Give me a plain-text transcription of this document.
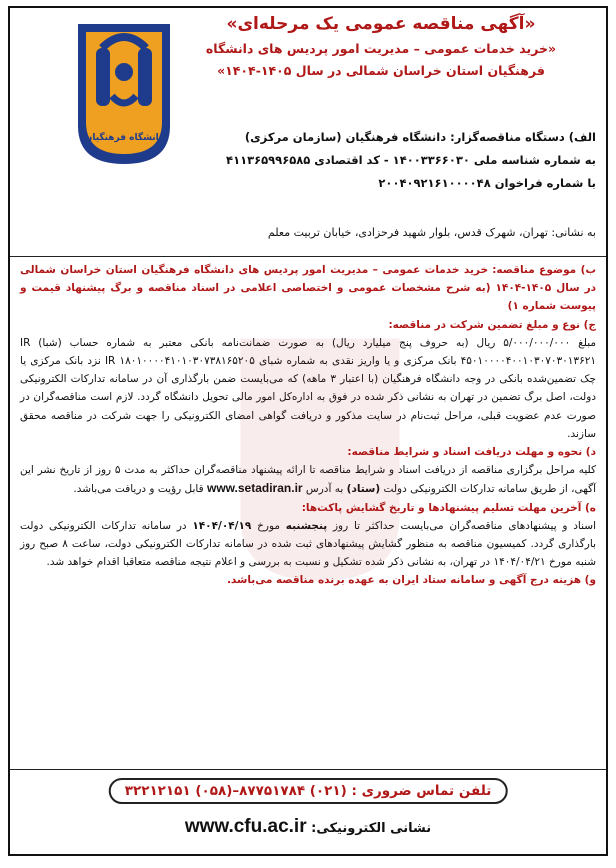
دانشگاه فرهنگیان
«آگهی مناقصه عمومی یک مرحله‌ای»
«خرید خدمات عمومی – مدیریت امور پردیس های دانشگاه
فرهنگیان استان خراسان شمالی در سال ۱۴۰۵-۱۴۰۴»
الف) دستگاه مناقصه‌گزار: دانشگاه فرهنگیان (سازمان مرکزی)
به شماره شناسه ملی ۱۴۰۰۳۳۶۶۰۳۰ - کد اقتصادی ۴۱۱۳۶۵۹۹۶۵۸۵
با شماره فراخوان ۲۰۰۴۰۹۲۱۶۱۰۰۰۰۴۸
به نشانی: تهران، شهرک قدس، بلوار شهید فرحزادی، خیابان تربیت معلم

ب) موضوع مناقصه: خرید خدمات عمومی – مدیریت امور پردیس های دانشگاه فرهنگیان استان خراسان شمالی در سال ۱۴۰۵-۱۴۰۴ (به شرح مشخصات عمومی و اختصاصی اعلامی در اسناد مناقصه و برگ پیشنهاد قیمت و پیوست شماره ۱)

ج) نوع و مبلغ تضمین شرکت در مناقصه:

مبلغ ۵/۰۰۰/۰۰۰/۰۰۰ ریال (به حروف پنج میلیارد ریال) به صورت ضمانت‌نامه بانکی معتبر به شماره حساب (شبا) IR ۴۵۰۱۰۰۰۰۴۰۰۱۰۳۰۷۰۳۰۱۳۶۲۱ بانک مرکزی و یا واریز نقدی به شماره شبای IR ۱۸۰۱۰۰۰۰۴۱۰۱۰۳۰۷۳۸۱۶۵۲۰۵ نزد بانک مرکزی یا چک تضمین‌شده بانکی در وجه دانشگاه فرهنگیان (با اعتبار ۳ ماهه) که می‌بایست ضمن بارگذاری آن در سامانه تدارکات الکترونیکی دولت، اصل برگ تضمین در تهران به نشانی ذکر شده در فوق به اداره‌کل امور مالی تحویل دانشگاه گردد. لازم است مناقصه‌گران در صورت عدم عضویت قبلی، مراحل ثبت‌نام در سایت مذکور و دریافت گواهی امضای الکترونیکی را جهت شرکت در مناقصه محقق سازند.

د) نحوه و مهلت دریافت اسناد و شرایط مناقصه:

کلیه مراحل برگزاری مناقصه از دریافت اسناد و شرایط مناقصه تا ارائه پیشنهاد مناقصه‌گران حداکثر به مدت ۵ روز از تاریخ نشر این آگهی، از طریق سامانه تدارکات الکترونیکی دولت (ستاد) به آدرس www.setadiran.ir قابل رؤیت و دریافت می‌باشد.

ه) آخرین مهلت تسلیم پیشنهادها و تاریخ گشایش پاکت‌ها:

اسناد و پیشنهادهای مناقصه‌گران می‌بایست حداکثر تا روز پنجشنبه مورخ ۱۴۰۴/۰۴/۱۹ در سامانه تدارکات الکترونیکی دولت بارگذاری گردد. کمیسیون مناقصه به منظور گشایش پیشنهادهای ثبت شده در سامانه تدارکات الکترونیکی دولت، ساعت ۸ صبح روز شنبه مورخ ۱۴۰۴/۰۴/۲۱ در تهران، به نشانی ذکر شده تشکیل و نسبت به بررسی و اعلام نتیجه مناقصه متعاقبا اقدام خواهد شد.

و) هزینه درج آگهی و سامانه ستاد ایران به عهده برنده مناقصه می‌باشد.

تلفن تماس ضروری : ۳۲۲۱۲۱۵۱ (۰۵۸)–۸۷۷۵۱۷۸۴ (۰۲۱)
نشانی الکترونیکی: www.cfu.ac.ir
